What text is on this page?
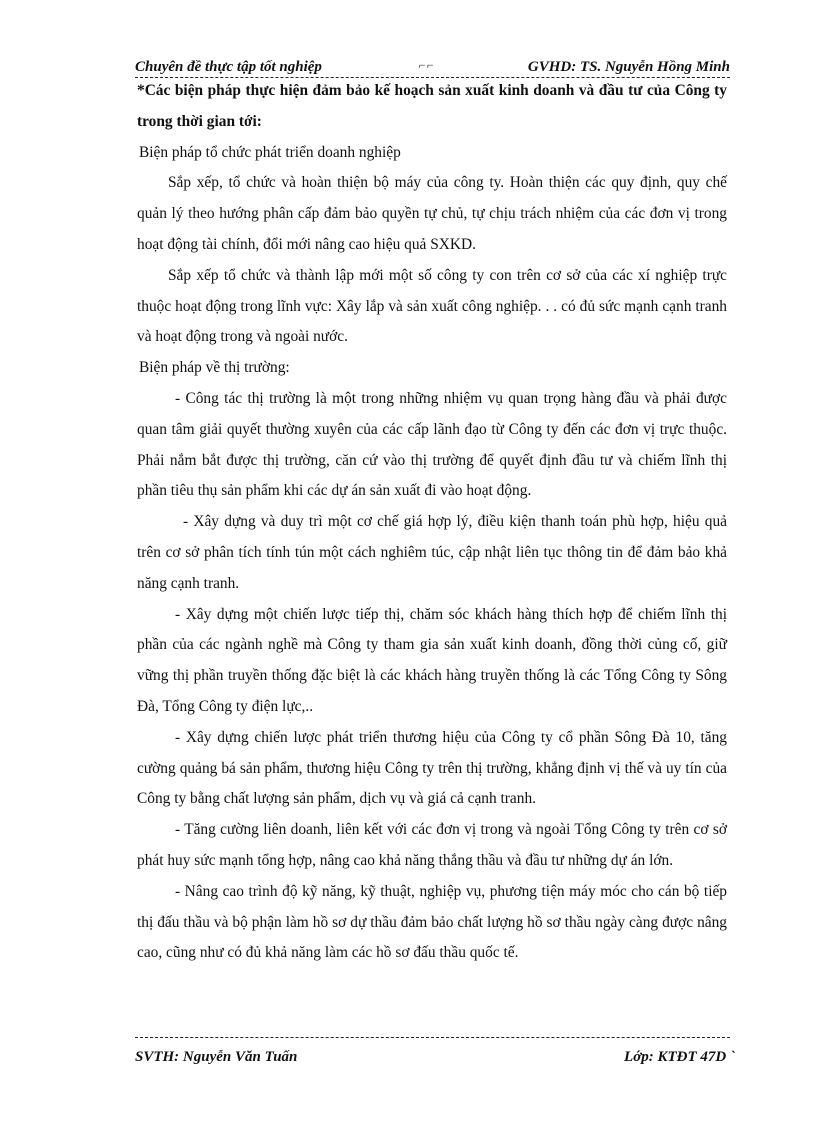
Chuyên đề thực tập tốt nghiệp	⌐⌐	GVHD: TS. Nguyễn Hồng Minh

*Các biện pháp thực hiện đảm bảo kế hoạch sản xuất kinh doanh và đầu tư của Công ty trong thời gian tới:

Biện pháp tổ chức phát triển doanh nghiệp

Sắp xếp, tổ chức và hoàn thiện bộ máy của công ty. Hoàn thiện các quy định, quy chế quản lý theo hướng phân cấp đảm bảo quyền tự chủ, tự chịu trách nhiệm của các đơn vị trong hoạt động tài chính, đổi mới nâng cao hiệu quả SXKD.

Sắp xếp tổ chức và thành lập mới một số công ty con trên cơ sở của các xí nghiệp trực thuộc hoạt động trong lĩnh vực: Xây lắp và sản xuất công nghiệp. . . có đủ sức mạnh cạnh tranh và hoạt động trong và ngoài nước.

Biện pháp về thị trường:

- Công tác thị trường là một trong những nhiệm vụ quan trọng hàng đầu và phải được quan tâm giải quyết thường xuyên của các cấp lãnh đạo từ Công ty đến các đơn vị trực thuộc. Phải nắm bắt được thị trường, căn cứ vào thị trường để quyết định đầu tư và chiếm lĩnh thị phần tiêu thụ sản phẩm khi các dự án sản xuất đi vào hoạt động.

- Xây dựng và duy trì một cơ chế giá hợp lý, điều kiện thanh toán phù hợp, hiệu quả trên cơ sở phân tích tính tún một cách nghiêm túc, cập nhật liên tục thông tin để đảm bảo khả năng cạnh tranh.

- Xây dựng một chiến lược tiếp thị, chăm sóc khách hàng thích hợp để chiếm lĩnh thị phần của các ngành nghề mà Công ty tham gia sản xuất kinh doanh, đồng thời củng cố, giữ vững thị phần truyền thống đặc biệt là các khách hàng truyền thống là các Tổng Công ty Sông Đà, Tổng Công ty điện lực,..

- Xây dựng chiến lược phát triển thương hiệu của Công ty cổ phần Sông Đà 10, tăng cường quảng bá sản phẩm, thương hiệu Công ty trên thị trường, khẳng định vị thế và uy tín của Công ty bằng chất lượng sản phẩm, dịch vụ và giá cả cạnh tranh.

- Tăng cường liên doanh, liên kết với các đơn vị trong và ngoài Tổng Công ty trên cơ sở phát huy sức mạnh tổng hợp, nâng cao khả năng thắng thầu và đầu tư những dự án lớn.

- Nâng cao trình độ kỹ năng, kỹ thuật, nghiệp vụ, phương tiện máy móc cho cán bộ tiếp thị đấu thầu và bộ phận làm hồ sơ dự thầu đảm bảo chất lượng hồ sơ thầu ngày càng được nâng cao, cũng như có đủ khả năng làm các hồ sơ đấu thầu quốc tế.

SVTH: Nguyễn Văn Tuấn	Lớp: KTĐT 47D `
